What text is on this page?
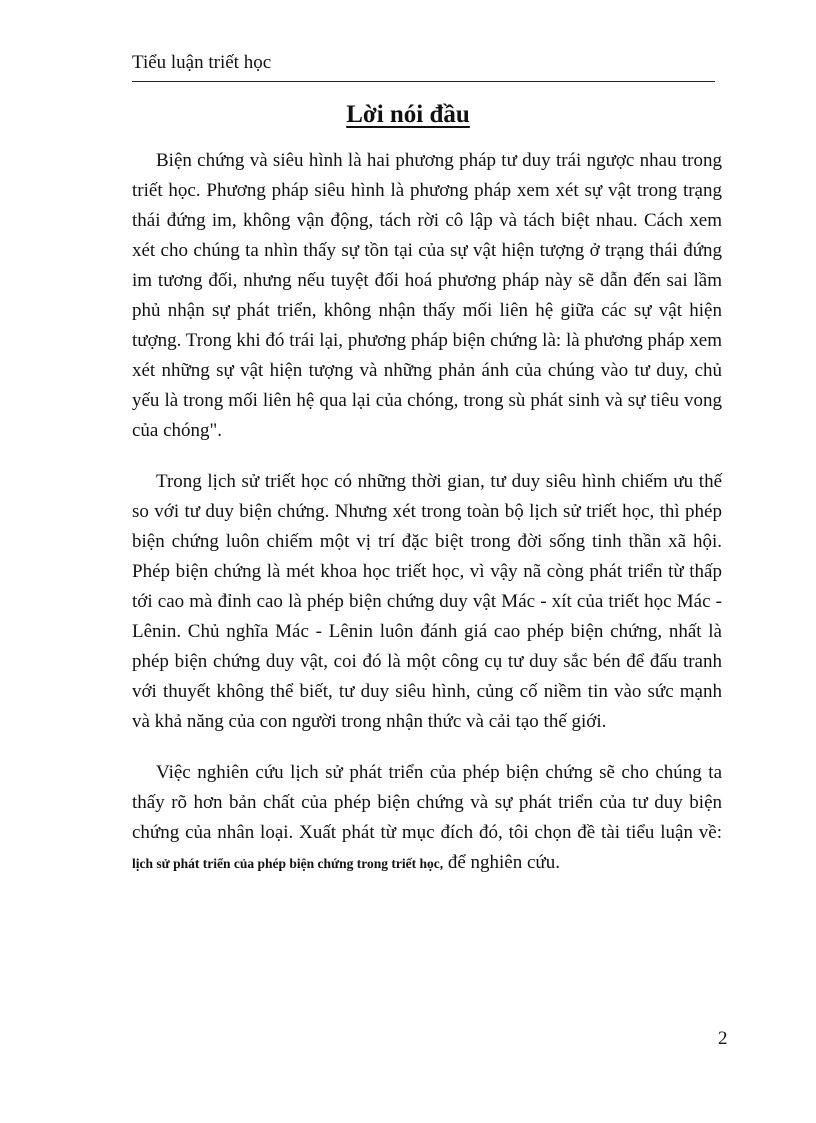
Tiểu luận triết học
Lời nói đầu

Biện chứng và siêu hình là hai phương pháp tư duy trái ngược nhau trong triết học. Phương pháp siêu hình là phương pháp xem xét sự vật trong trạng thái đứng im, không vận động, tách rời cô lập và tách biệt nhau. Cách xem xét cho chúng ta nhìn thấy sự tồn tại của sự vật hiện tượng ở trạng thái đứng im tương đối, nhưng nếu tuyệt đối hoá phương pháp này sẽ dẫn đến sai lầm phủ nhận sự phát triển, không nhận thấy mối liên hệ giữa các sự vật hiện tượng. Trong khi đó trái lại, phương pháp biện chứng là: là phương pháp xem xét những sự vật hiện tượng và những phản ánh của chúng vào tư duy, chủ yếu là trong mối liên hệ qua lại của chóng, trong sù phát sinh và sự tiêu vong của chóng".

Trong lịch sử triết học có những thời gian, tư duy siêu hình chiếm ưu thế so với tư duy biện chứng. Nhưng xét trong toàn bộ lịch sử triết học, thì phép biện chứng luôn chiếm một vị trí đặc biệt trong đời sống tinh thần xã hội. Phép biện chứng là mét khoa học triết học, vì vậy nã còng phát triển từ thấp tới cao mà đỉnh cao là phép biện chứng duy vật Mác - xít của triết học Mác - Lênin. Chủ nghĩa Mác - Lênin luôn đánh giá cao phép biện chứng, nhất là phép biện chứng duy vật, coi đó là một công cụ tư duy sắc bén để đấu tranh với thuyết không thể biết, tư duy siêu hình, củng cố niềm tin vào sức mạnh và khả năng của con người trong nhận thức và cải tạo thế giới.

Việc nghiên cứu lịch sử phát triển của phép biện chứng sẽ cho chúng ta thấy rõ hơn bản chất của phép biện chứng và sự phát triển của tư duy biện chứng của nhân loại. Xuất phát từ mục đích đó, tôi chọn đề tài tiểu luận về: lịch sử phát triển của phép biện chứng trong triết học, để nghiên cứu.

2
